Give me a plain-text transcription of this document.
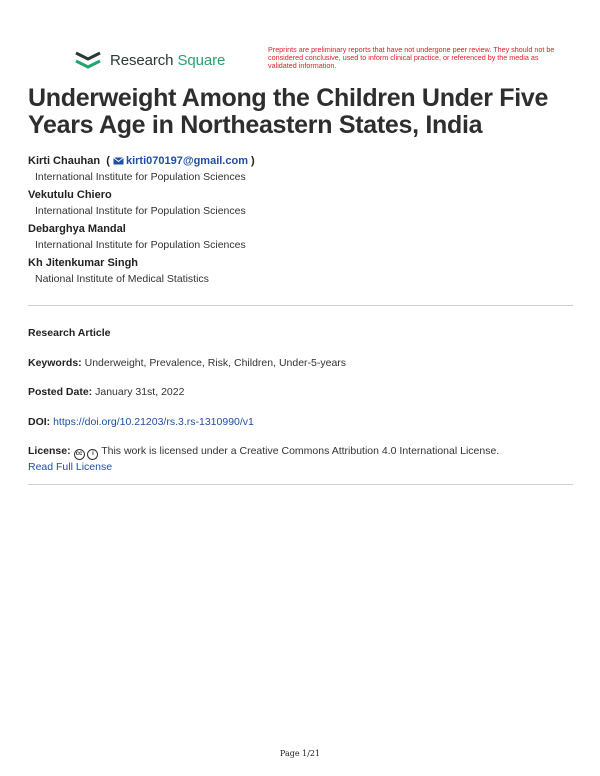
Research Square
Preprints are preliminary reports that have not undergone peer review. They should not be considered conclusive, used to inform clinical practice, or referenced by the media as validated information.
Underweight Among the Children Under Five Years Age in Northeastern States, India
Kirti Chauhan  ( kirti070197@gmail.com )
International Institute for Population Sciences
Vekutulu Chiero
International Institute for Population Sciences
Debarghya Mandal
International Institute for Population Sciences
Kh Jitenkumar Singh
National Institute of Medical Statistics
Research Article
Keywords: Underweight, Prevalence, Risk, Children, Under-5-years
Posted Date: January 31st, 2022
DOI: https://doi.org/10.21203/rs.3.rs-1310990/v1
License: cc i This work is licensed under a Creative Commons Attribution 4.0 International License.
Read Full License
Page 1/21
